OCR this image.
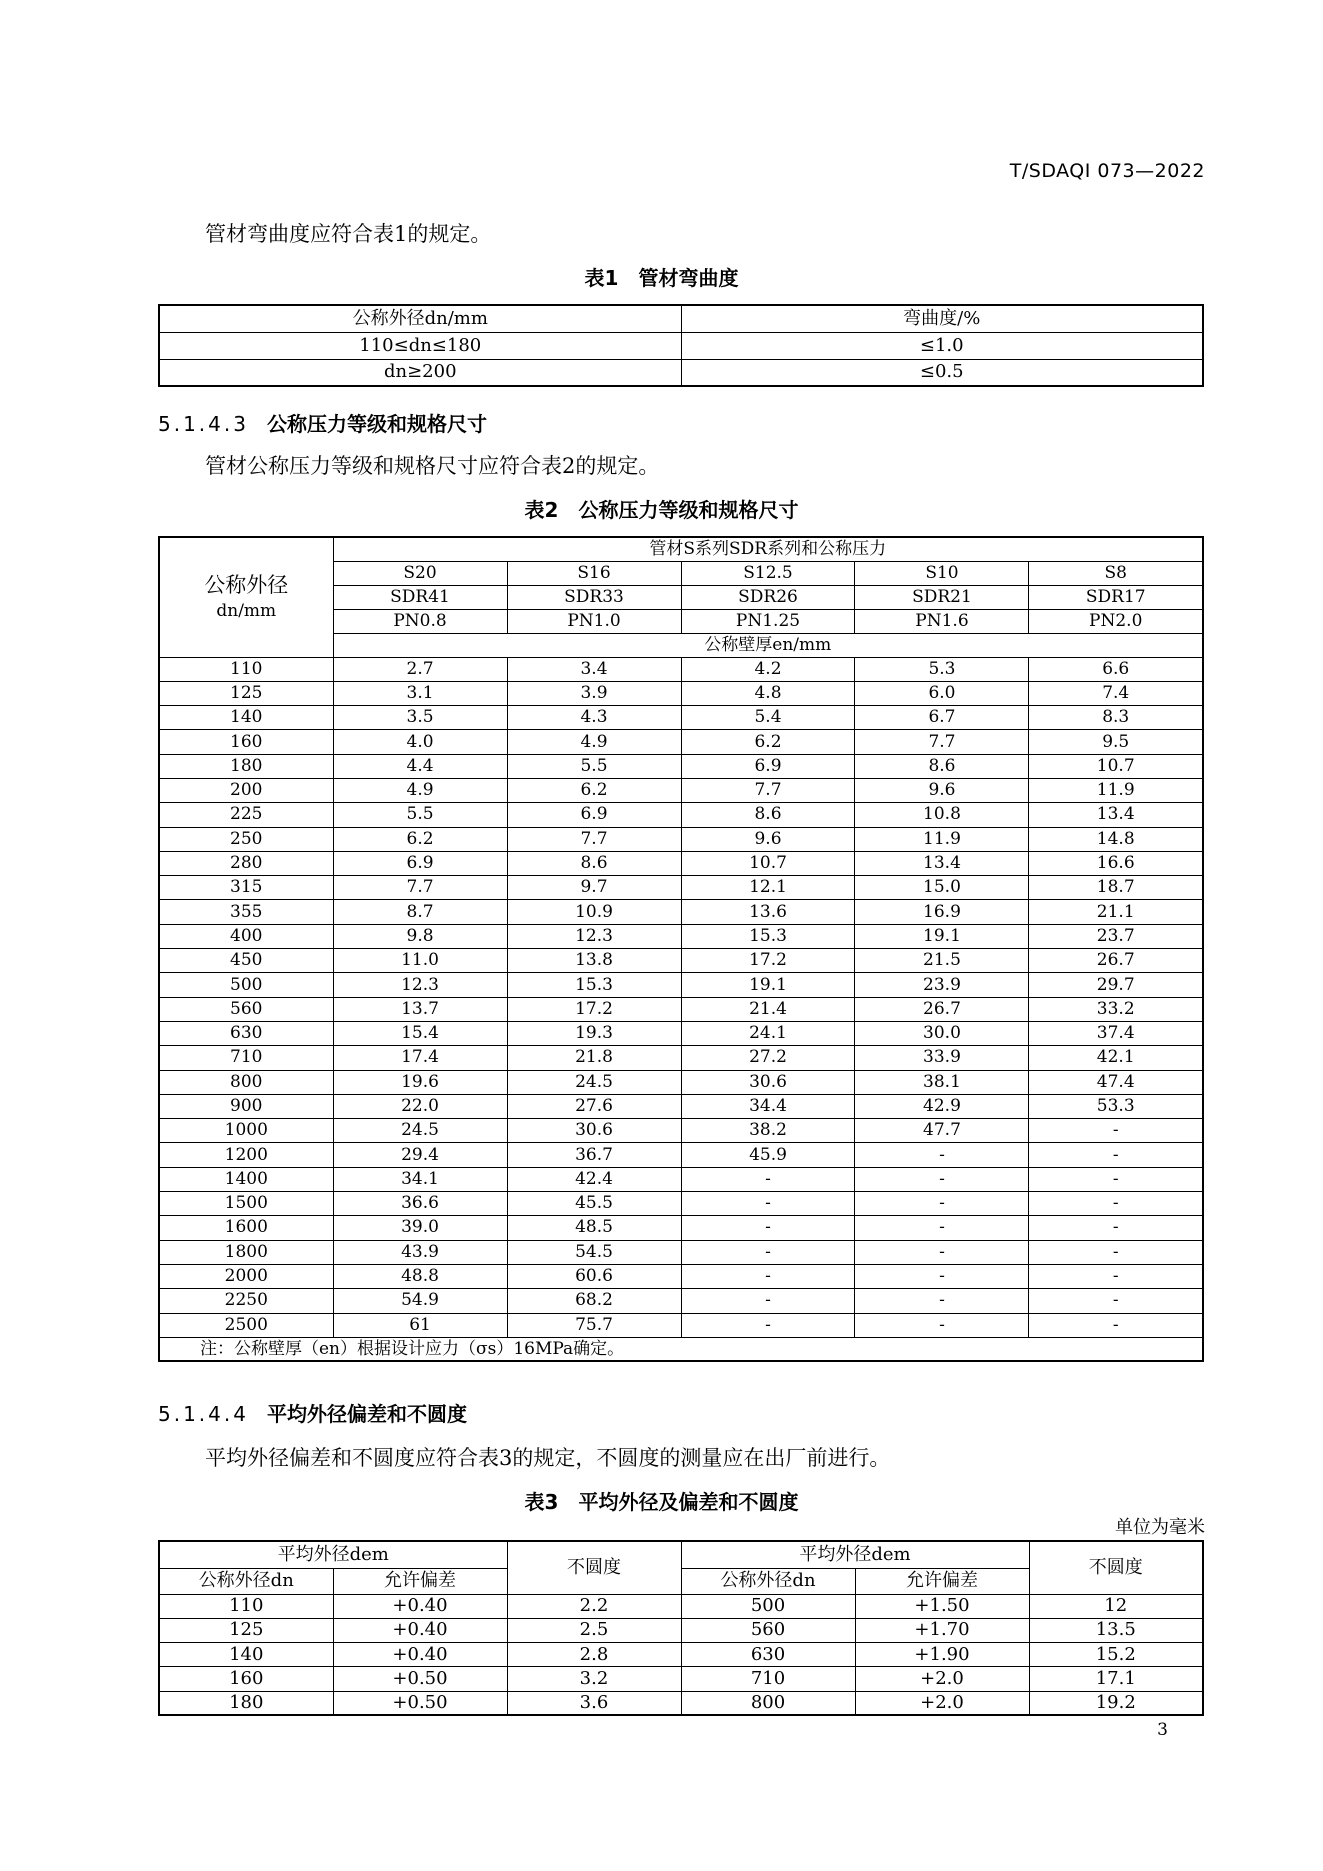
T/SDAQI 073—2022
管材弯曲度应符合表1的规定。
表1　管材弯曲度
公称外径dn/mm	弯曲度/%
110≤dn≤180	≤1.0
dn≥200	≤0.5
5.1.4.3 公称压力等级和规格尺寸
管材公称压力等级和规格尺寸应符合表2的规定。
表2　公称压力等级和规格尺寸
公称外径
dn/mm	管材S系列SDR系列和公称压力				
	S20	S16	S12.5	S10	S8
	SDR41	SDR33	SDR26	SDR21	SDR17
	PN0.8	PN1.0	PN1.25	PN1.6	PN2.0
	公称壁厚en/mm				
110	2.7	3.4	4.2	5.3	6.6
125	3.1	3.9	4.8	6.0	7.4
140	3.5	4.3	5.4	6.7	8.3
160	4.0	4.9	6.2	7.7	9.5
180	4.4	5.5	6.9	8.6	10.7
200	4.9	6.2	7.7	9.6	11.9
225	5.5	6.9	8.6	10.8	13.4
250	6.2	7.7	9.6	11.9	14.8
280	6.9	8.6	10.7	13.4	16.6
315	7.7	9.7	12.1	15.0	18.7
355	8.7	10.9	13.6	16.9	21.1
400	9.8	12.3	15.3	19.1	23.7
450	11.0	13.8	17.2	21.5	26.7
500	12.3	15.3	19.1	23.9	29.7
560	13.7	17.2	21.4	26.7	33.2
630	15.4	19.3	24.1	30.0	37.4
710	17.4	21.8	27.2	33.9	42.1
800	19.6	24.5	30.6	38.1	47.4
900	22.0	27.6	34.4	42.9	53.3
1000	24.5	30.6	38.2	47.7	-
1200	29.4	36.7	45.9	-	-
1400	34.1	42.4	-	-	-
1500	36.6	45.5	-	-	-
1600	39.0	48.5	-	-	-
1800	43.9	54.5	-	-	-
2000	48.8	60.6	-	-	-
2250	54.9	68.2	-	-	-
2500	61	75.7	-	-	-
注：公称壁厚（en）根据设计应力（σs）16MPa确定。					
5.1.4.4 平均外径偏差和不圆度
平均外径偏差和不圆度应符合表3的规定，不圆度的测量应在出厂前进行。
表3　平均外径及偏差和不圆度
单位为毫米
平均外径dem		不圆度	平均外径dem		不圆度
公称外径dn	允许偏差		公称外径dn	允许偏差	
110	+0.40	2.2	500	+1.50	12
125	+0.40	2.5	560	+1.70	13.5
140	+0.40	2.8	630	+1.90	15.2
160	+0.50	3.2	710	+2.0	17.1
180	+0.50	3.6	800	+2.0	19.2
3
